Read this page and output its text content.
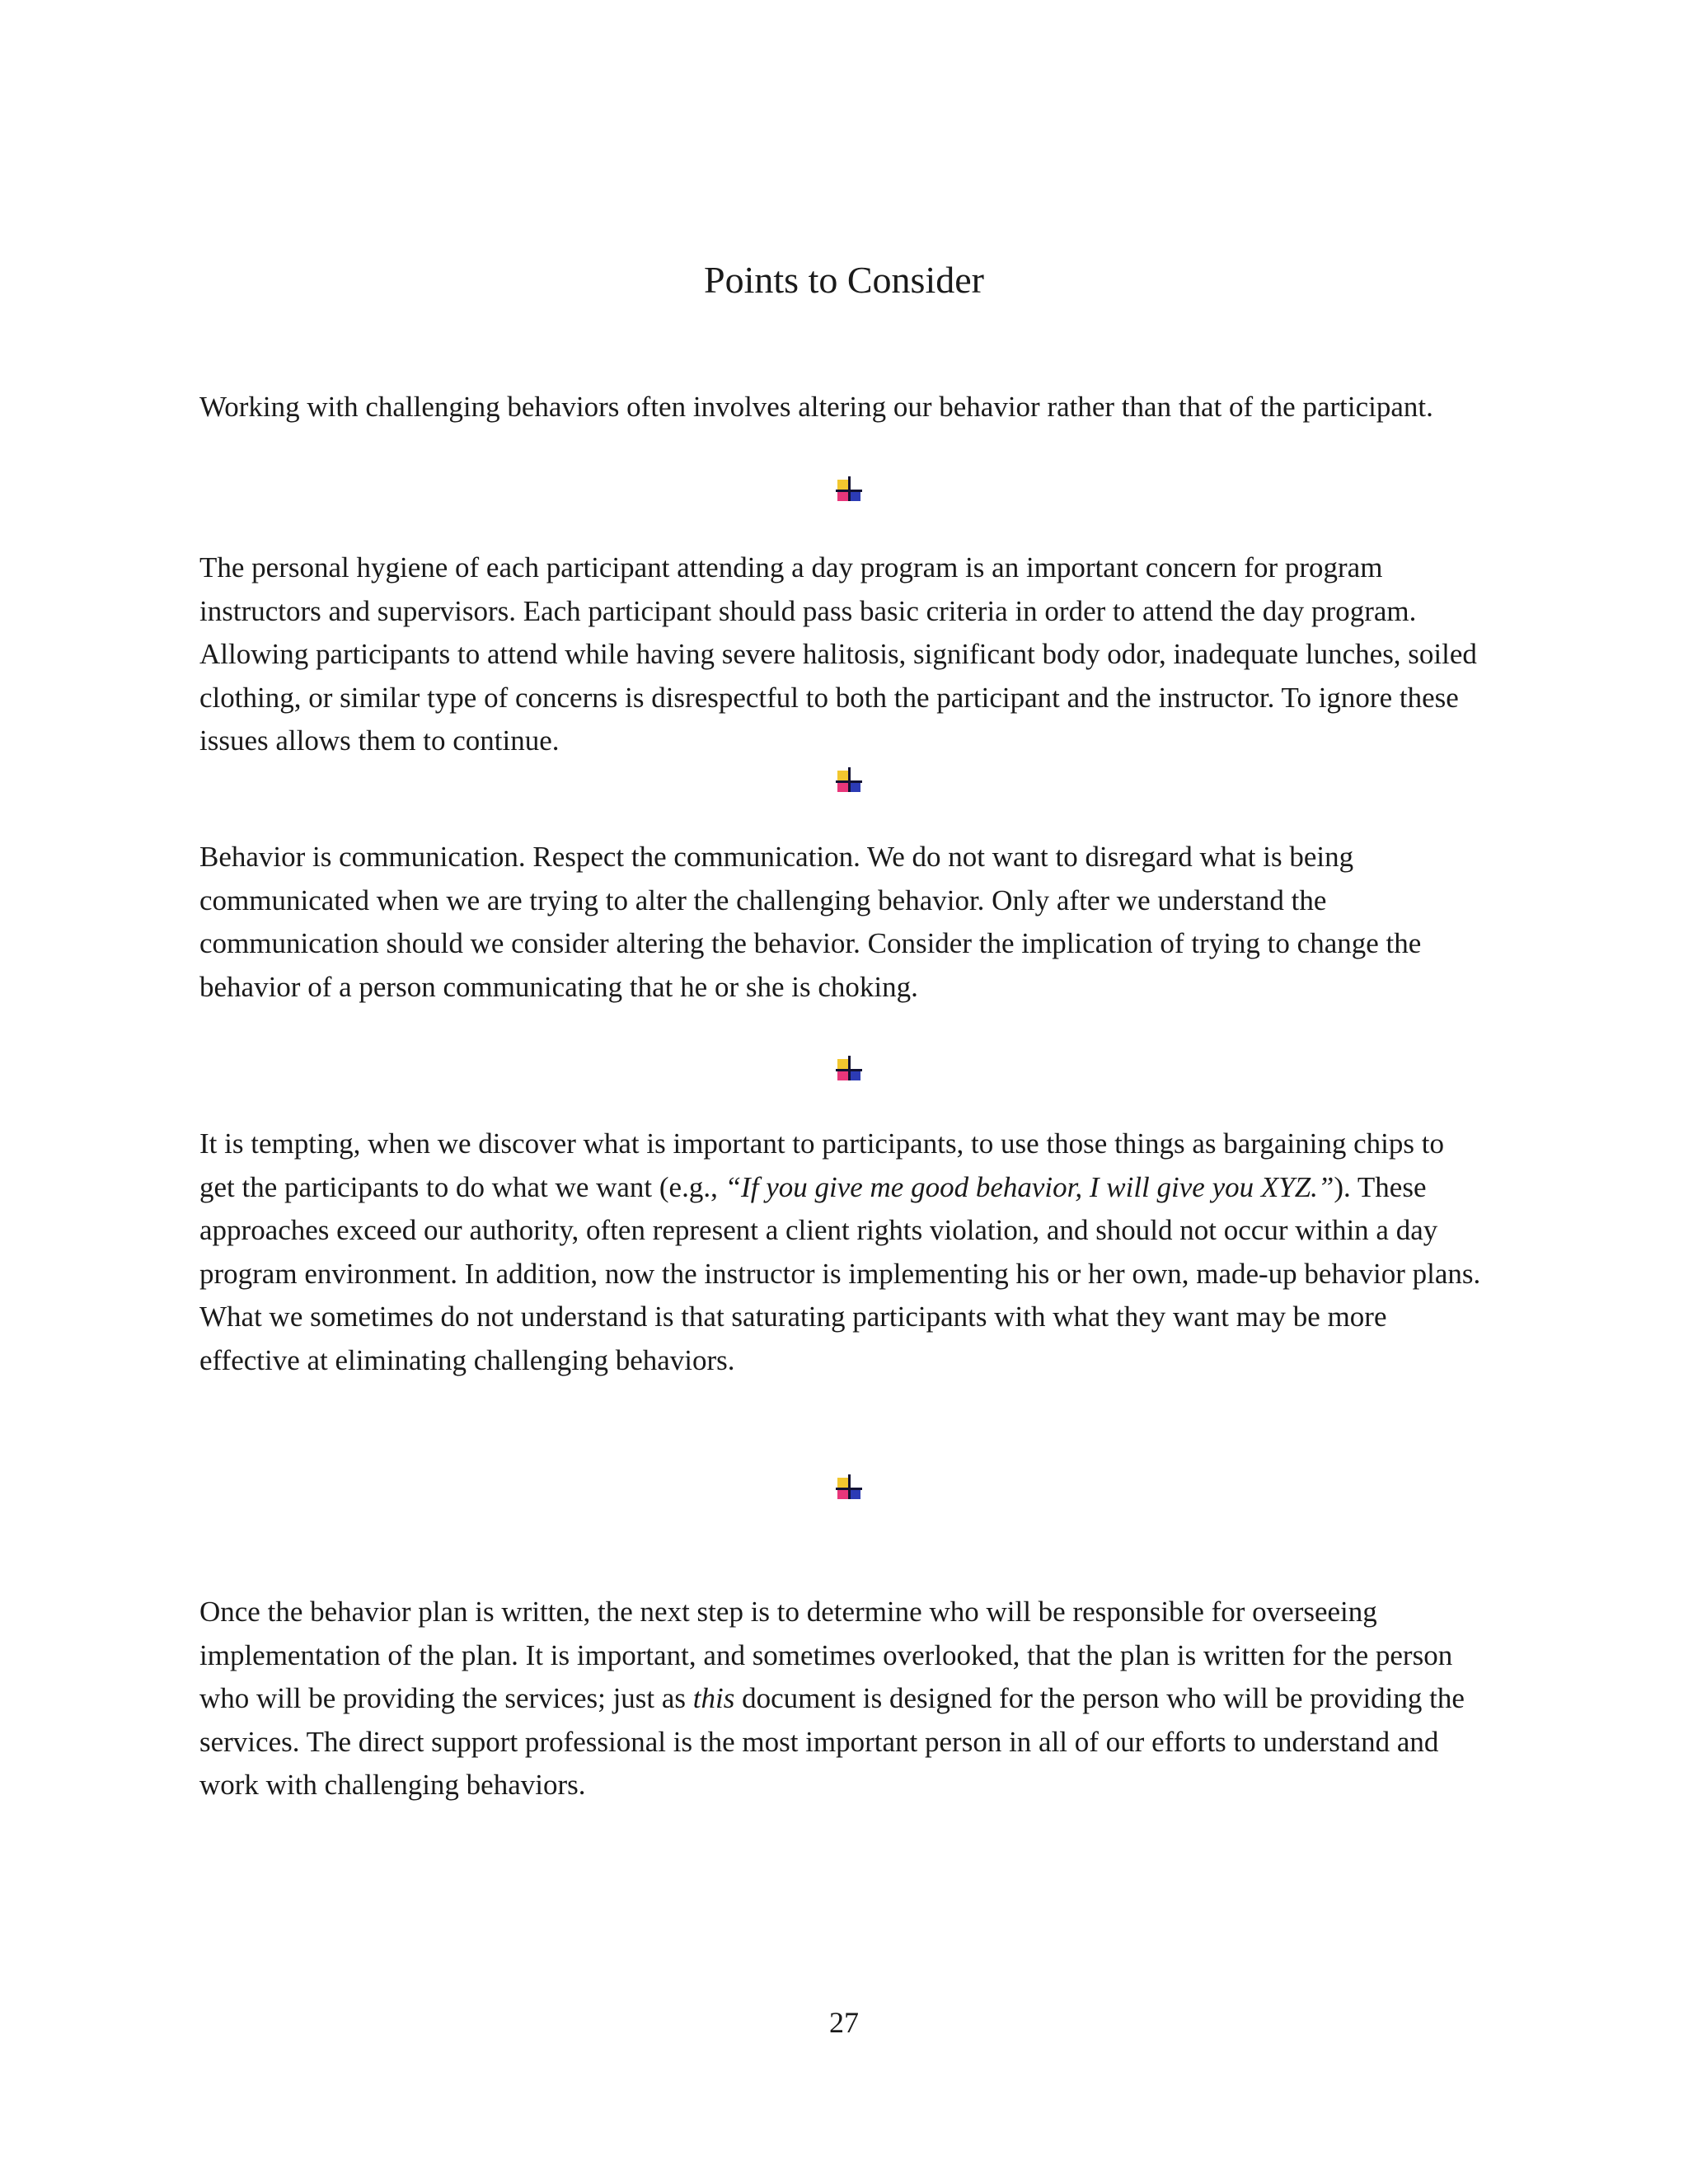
Points to Consider

Working with challenging behaviors often involves altering our behavior rather than that of the participant.

The personal hygiene of each participant attending a day program is an important concern for program instructors and supervisors. Each participant should pass basic criteria in order to attend the day program. Allowing participants to attend while having severe halitosis, significant body odor, inadequate lunches, soiled clothing, or similar type of concerns is disrespectful to both the participant and the instructor. To ignore these issues allows them to continue.

Behavior is communication. Respect the communication. We do not want to disregard what is being communicated when we are trying to alter the challenging behavior. Only after we understand the communication should we consider altering the behavior. Consider the implication of trying to change the behavior of a person communicating that he or she is choking.

It is tempting, when we discover what is important to participants, to use those things as bargaining chips to get the participants to do what we want (e.g., “If you give me good behavior, I will give you XYZ.”). These approaches exceed our authority, often represent a client rights violation, and should not occur within a day program environment. In addition, now the instructor is implementing his or her own, made-up behavior plans. What we sometimes do not understand is that saturating participants with what they want may be more effective at eliminating challenging behaviors.

Once the behavior plan is written, the next step is to determine who will be responsible for overseeing implementation of the plan. It is important, and sometimes overlooked, that the plan is written for the person who will be providing the services; just as this document is designed for the person who will be providing the services. The direct support professional is the most important person in all of our efforts to understand and work with challenging behaviors.

27
